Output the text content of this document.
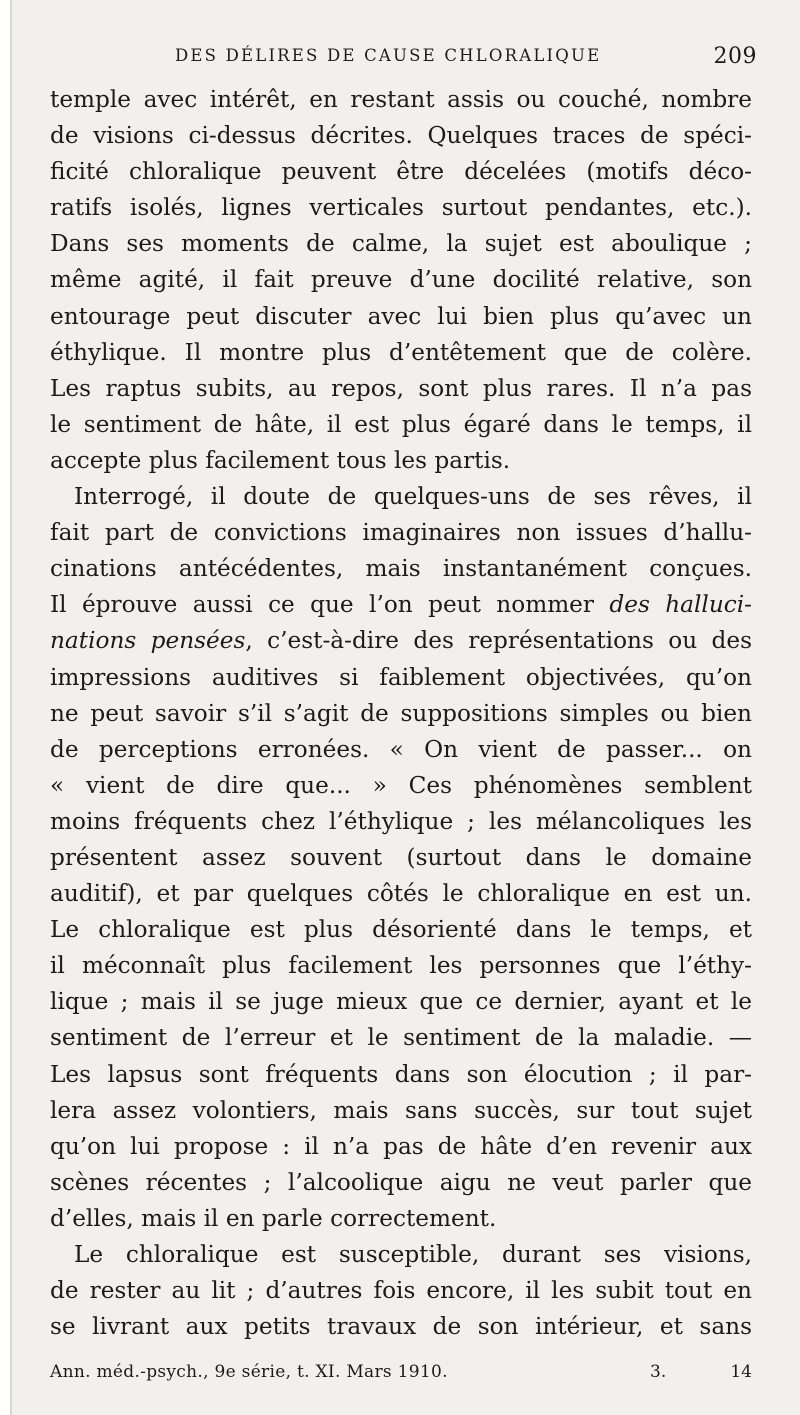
DES DÉLIRES DE CAUSE CHLORALIQUE	209
temple avec intérêt, en restant assis ou couché, nombre
de visions ci-dessus décrites. Quelques traces de spéci-
ficité chloralique peuvent être décelées (motifs déco-
ratifs isolés, lignes verticales surtout pendantes, etc.).
Dans ses moments de calme, la sujet est aboulique ;
même agité, il fait preuve d’une docilité relative, son
entourage peut discuter avec lui bien plus qu’avec un
éthylique. Il montre plus d’entêtement que de colère.
Les raptus subits, au repos, sont plus rares. Il n’a pas
le sentiment de hâte, il est plus égaré dans le temps, il
accepte plus facilement tous les partis.
Interrogé, il doute de quelques-uns de ses rêves, il
fait part de convictions imaginaires non issues d’hallu-
cinations antécédentes, mais instantanément conçues.
Il éprouve aussi ce que l’on peut nommer des halluci-
nations pensées, c’est-à-dire des représentations ou des
impressions auditives si faiblement objectivées, qu’on
ne peut savoir s’il s’agit de suppositions simples ou bien
de perceptions erronées. « On vient de passer... on
« vient de dire que... » Ces phénomènes semblent
moins fréquents chez l’éthylique ; les mélancoliques les
présentent assez souvent (surtout dans le domaine
auditif), et par quelques côtés le chloralique en est un.
Le chloralique est plus désorienté dans le temps, et
il méconnaît plus facilement les personnes que l’éthy-
lique ; mais il se juge mieux que ce dernier, ayant et le
sentiment de l’erreur et le sentiment de la maladie. —
Les lapsus sont fréquents dans son élocution ; il par-
lera assez volontiers, mais sans succès, sur tout sujet
qu’on lui propose : il n’a pas de hâte d’en revenir aux
scènes récentes ; l’alcoolique aigu ne veut parler que
d’elles, mais il en parle correctement.
Le chloralique est susceptible, durant ses visions,
de rester au lit ; d’autres fois encore, il les subit tout en
se livrant aux petits travaux de son intérieur, et sans
Ann. méd.-psych., 9e série, t. XI. Mars 1910.	3.	14
